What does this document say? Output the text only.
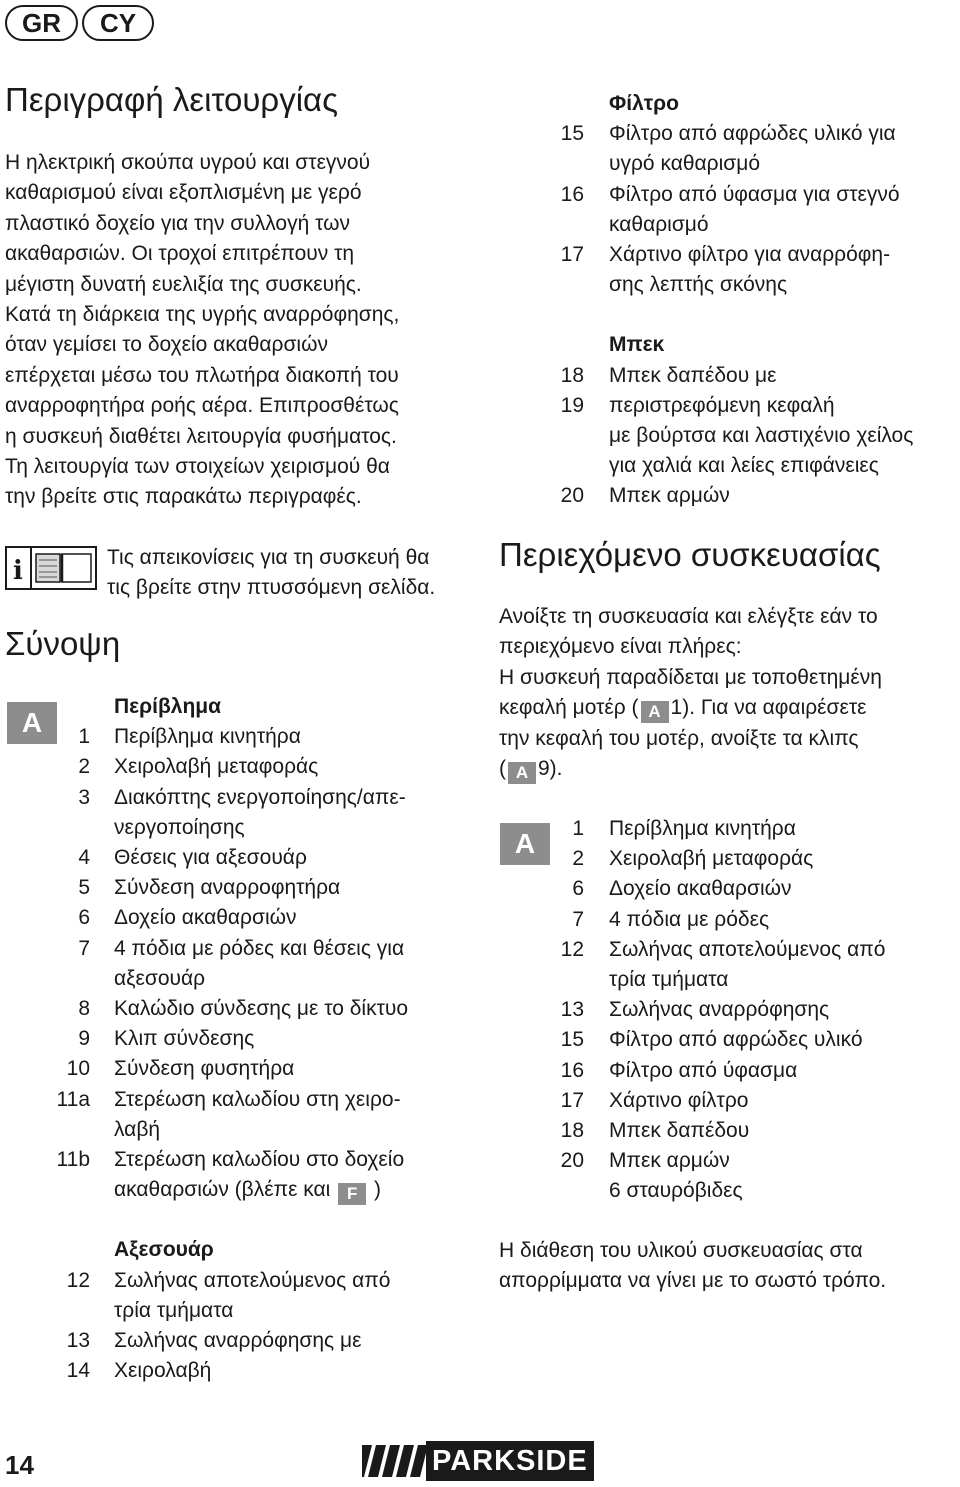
GR CY
Περιγραφή λειτουργίας
Η ηλεκτρική σκούπα υγρού και στεγνού
καθαρισμού είναι εξοπλισμένη με γερό
πλαστικό δοχείο για την συλλογή των
ακαθαρσιών. Οι τροχοί επιτρέπουν τη
μέγιστη δυνατή ευελιξία της συσκευής.
Κατά τη διάρκεια της υγρής αναρρόφησης,
όταν γεμίσει το δοχείο ακαθαρσιών
επέρχεται μέσω του πλωτήρα διακοπή του
αναρροφητήρα ροής αέρα. Επιπροσθέτως
η συσκευή διαθέτει λειτουργία φυσήματος.
Τη λειτουργία των στοιχείων χειρισμού θα
την βρείτε στις παρακάτω περιγραφές.
i	Τις απεικονίσεις για τη συσκευή θα
τις βρείτε στην πτυσσόμενη σελίδα.
Σύνοψη
A
Περίβλημα
1 Περίβλημα κινητήρα
2 Χειρολαβή μεταφοράς
3 Διακόπτης ενεργοποίησης/απε-
νεργοποίησης
4 Θέσεις για αξεσουάρ
5 Σύνδεση αναρροφητήρα
6 Δοχείο ακαθαρσιών
7 4 πόδια με ρόδες και θέσεις για
αξεσουάρ
8 Καλώδιο σύνδεσης με το δίκτυο
9 Κλιπ σύνδεσης
10 Σύνδεση φυσητήρα
11a Στερέωση καλωδίου στη χειρο-
λαβή
11b Στερέωση καλωδίου στο δοχείο
ακαθαρσιών (βλέπε και F )
Αξεσουάρ
12 Σωλήνας αποτελούμενος από
τρία τμήματα
13 Σωλήνας αναρρόφησης με
14 Χειρολαβή
Φίλτρο
15 Φίλτρο από αφρώδες υλικό για
υγρό καθαρισμό
16 Φίλτρο από ύφασμα για στεγνό
καθαρισμό
17 Χάρτινο φίλτρο για αναρρόφη-
σης λεπτής σκόνης
Μπεκ
18 Μπεκ δαπέδου με
19 περιστρεφόμενη κεφαλή
με βούρτσα και λαστιχένιο χείλος
για χαλιά και λείες επιφάνειες
20 Μπεκ αρμών
Περιεχόμενο συσκευασίας
Ανοίξτε τη συσκευασία και ελέγξτε εάν το
περιεχόμενο είναι πλήρες:
Η συσκευή παραδίδεται με τοποθετημένη
κεφαλή μοτέρ ( A 1). Για να αφαιρέσετε
την κεφαλή του μοτέρ, ανοίξτε τα κλιπς
( A 9).
A	1 Περίβλημα κινητήρα
2 Χειρολαβή μεταφοράς
6 Δοχείο ακαθαρσιών
7 4 πόδια με ρόδες
12 Σωλήνας αποτελούμενος από
τρία τμήματα
13 Σωλήνας αναρρόφησης
15 Φίλτρο από αφρώδες υλικό
16 Φίλτρο από ύφασμα
17 Χάρτινο φίλτρο
18 Μπεκ δαπέδου
20 Μπεκ αρμών
6 σταυρόβιδες
Η διάθεση του υλικού συσκευασίας στα
απορρίμματα να γίνει με το σωστό τρόπο.
14	PARKSIDE
